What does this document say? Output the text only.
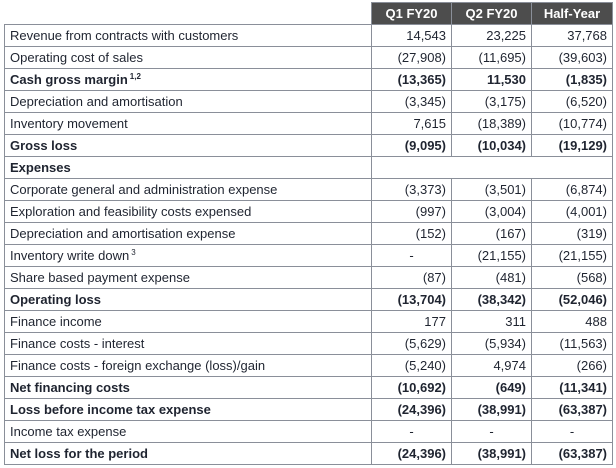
	Q1 FY20	Q2 FY20	Half-Year
Revenue from contracts with customers	14,543	23,225	37,768
Operating cost of sales	(27,908)	(11,695)	(39,603)
Cash gross margin $^{1,2}$	(13,365)	11,530	(1,835)
Depreciation and amortisation	(3,345)	(3,175)	(6,520)
Inventory movement	7,615	(18,389)	(10,774)
Gross loss	(9,095)	(10,034)	(19,129)
Expenses			
Corporate general and administration expense	(3,373)	(3,501)	(6,874)
Exploration and feasibility costs expensed	(997)	(3,004)	(4,001)
Depreciation and amortisation expense	(152)	(167)	(319)
Inventory write down $^3$	-	(21,155)	(21,155)
Share based payment expense	(87)	(481)	(568)
Operating loss	(13,704)	(38,342)	(52,046)
Finance income	177	311	488
Finance costs - interest	(5,629)	(5,934)	(11,563)
Finance costs - foreign exchange (loss)/gain	(5,240)	4,974	(266)
Net financing costs	(10,692)	(649)	(11,341)
Loss before income tax expense	(24,396)	(38,991)	(63,387)
Income tax expense	-	-	-
Net loss for the period	(24,396)	(38,991)	(63,387)
